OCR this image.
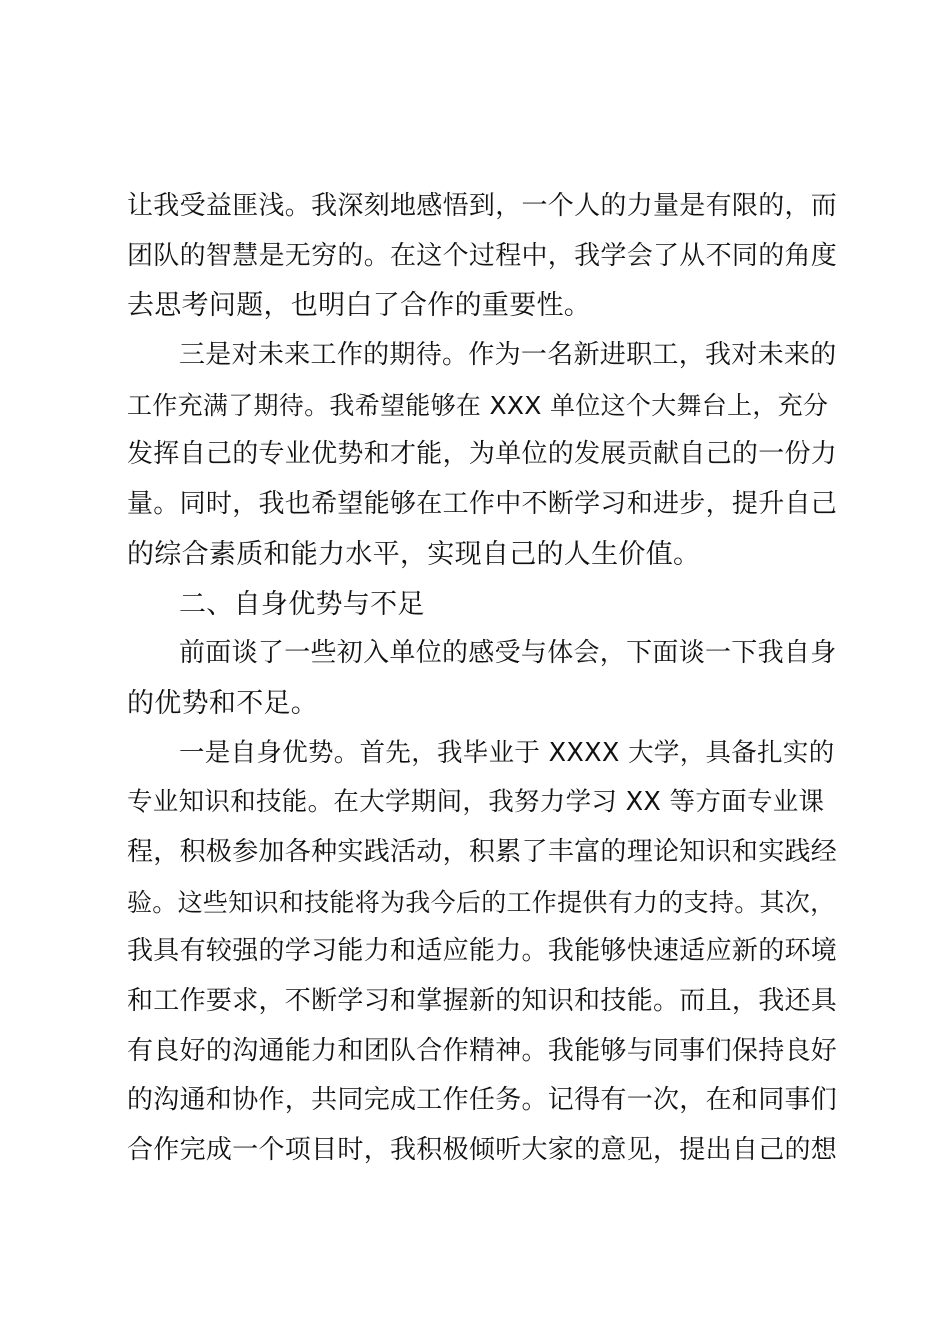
让我受益匪浅。我深刻地感悟到，一个人的力量是有限的，而
团队的智慧是无穷的。在这个过程中，我学会了从不同的角度
去思考问题，也明白了合作的重要性。
三是对未来工作的期待。作为一名新进职工，我对未来的
工作充满了期待。我希望能够在 XXX 单位这个大舞台上，充分
发挥自己的专业优势和才能，为单位的发展贡献自己的一份力
量。同时，我也希望能够在工作中不断学习和进步，提升自己
的综合素质和能力水平，实现自己的人生价值。
二、自身优势与不足
前面谈了一些初入单位的感受与体会，下面谈一下我自身
的优势和不足。
一是自身优势。首先，我毕业于 XXXX 大学，具备扎实的
专业知识和技能。在大学期间，我努力学习 XX 等方面专业课
程，积极参加各种实践活动，积累了丰富的理论知识和实践经
验。这些知识和技能将为我今后的工作提供有力的支持。其次，
我具有较强的学习能力和适应能力。我能够快速适应新的环境
和工作要求，不断学习和掌握新的知识和技能。而且，我还具
有良好的沟通能力和团队合作精神。我能够与同事们保持良好
的沟通和协作，共同完成工作任务。记得有一次，在和同事们
合作完成一个项目时，我积极倾听大家的意见，提出自己的想
